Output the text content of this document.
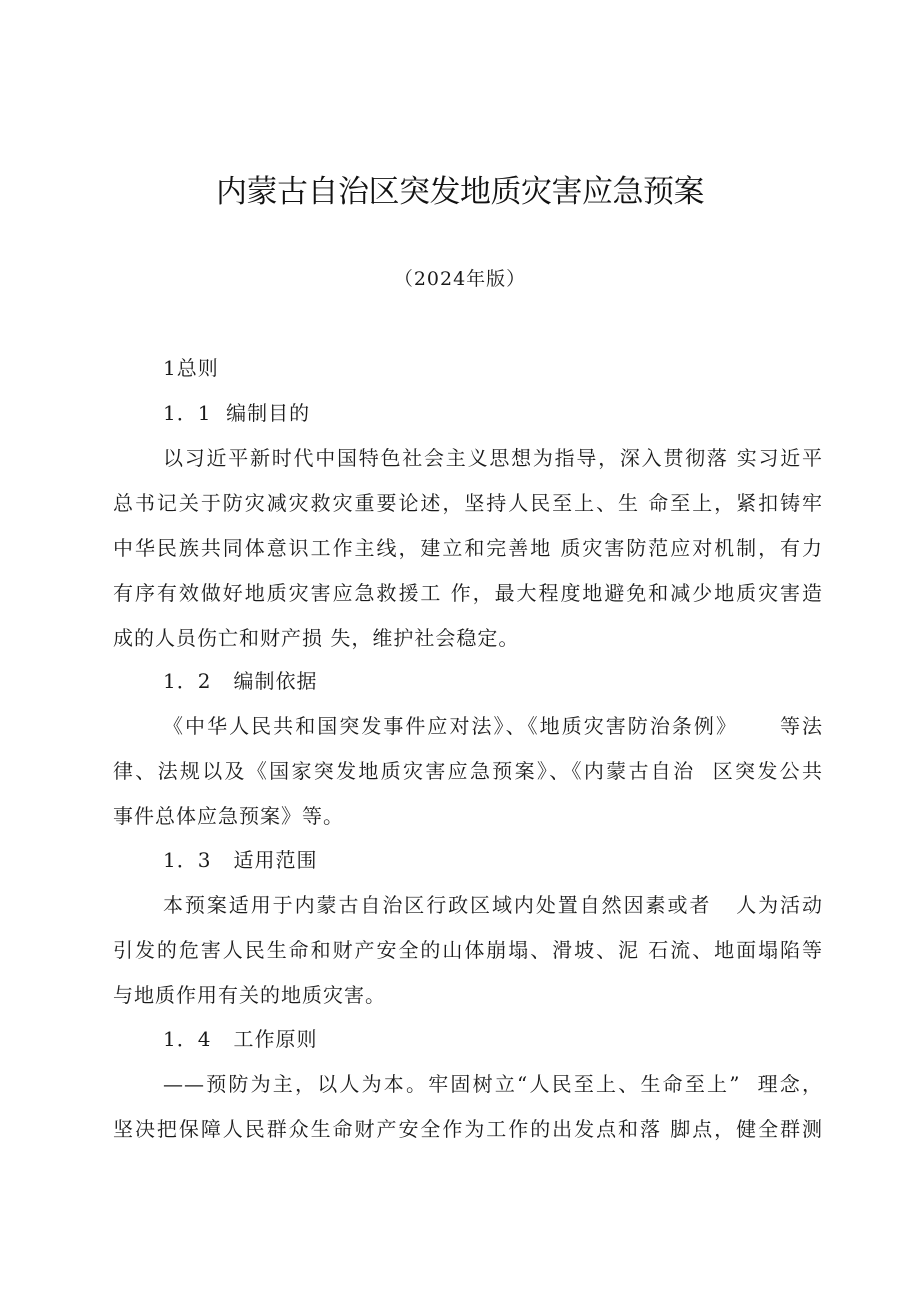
内蒙古自治区突发地质灾害应急预案
（2024年版）
1总则
1．1  编制目的
以习近平新时代中国特色社会主义思想为指导，深入贯彻落 实习近平
总书记关于防灾减灾救灾重要论述，坚持人民至上、生 命至上，紧扣铸牢
中华民族共同体意识工作主线，建立和完善地 质灾害防范应对机制，有力
有序有效做好地质灾害应急救援工 作，最大程度地避免和减少地质灾害造
成的人员伤亡和财产损 失，维护社会稳定。
1．2   编制依据
《中华人民共和国突发事件应对法》、《地质灾害防治条例》     等法
律、法规以及《国家突发地质灾害应急预案》、《内蒙古自治  区突发公共
事件总体应急预案》等。
1．3   适用范围
本预案适用于内蒙古自治区行政区域内处置自然因素或者   人为活动
引发的危害人民生命和财产安全的山体崩塌、滑坡、泥 石流、地面塌陷等
与地质作用有关的地质灾害。
1．4   工作原则
——预防为主，以人为本。牢固树立“人民至上、生命至上”  理念，
坚决把保障人民群众生命财产安全作为工作的出发点和落 脚点，健全群测
